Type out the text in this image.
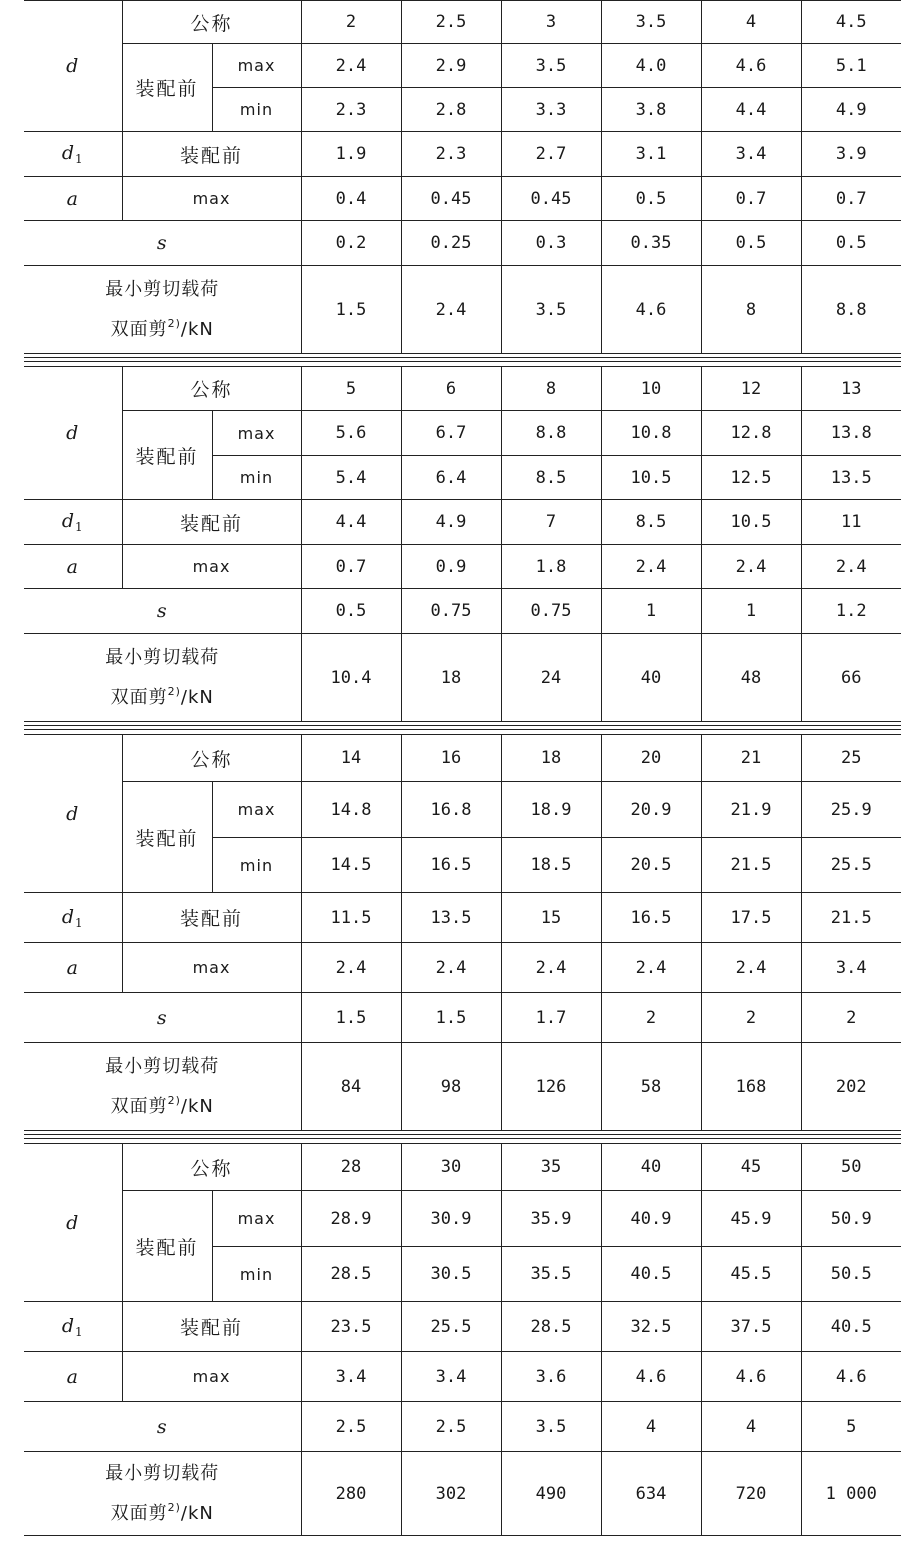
d	公称		2	2.5	3	3.5	4	4.5
	装配前	max	2.4	2.9	3.5	4.0	4.6	5.1
		min	2.3	2.8	3.3	3.8	4.4	4.9
$d_1$	装配前		1.9	2.3	2.7	3.1	3.4	3.9
a	max		0.4	0.45	0.45	0.5	0.7	0.7
s			0.2	0.25	0.3	0.35	0.5	0.5

最小剪切载荷
双面剪$^{2)}$/kN			1.5	2.4	3.5	4.6	8	8.8
d	公称		5	6	8	10	12	13
	装配前	max	5.6	6.7	8.8	10.8	12.8	13.8
		min	5.4	6.4	8.5	10.5	12.5	13.5
$d_1$	装配前		4.4	4.9	7	8.5	10.5	11
a	max		0.7	0.9	1.8	2.4	2.4	2.4
s			0.5	0.75	0.75	1	1	1.2

最小剪切载荷
双面剪$^{2)}$/kN			10.4	18	24	40	48	66
d	公称		14	16	18	20	21	25
	装配前	max	14.8	16.8	18.9	20.9	21.9	25.9
		min	14.5	16.5	18.5	20.5	21.5	25.5
$d_1$	装配前		11.5	13.5	15	16.5	17.5	21.5
a	max		2.4	2.4	2.4	2.4	2.4	3.4
s			1.5	1.5	1.7	2	2	2

最小剪切载荷
双面剪$^{2)}$/kN			84	98	126	58	168	202
d	公称		28	30	35	40	45	50
	装配前	max	28.9	30.9	35.9	40.9	45.9	50.9
		min	28.5	30.5	35.5	40.5	45.5	50.5
$d_1$	装配前		23.5	25.5	28.5	32.5	37.5	40.5
a	max		3.4	3.4	3.6	4.6	4.6	4.6
s			2.5	2.5	3.5	4	4	5

最小剪切载荷
双面剪$^{2)}$/kN			280	302	490	634	720	1 000
